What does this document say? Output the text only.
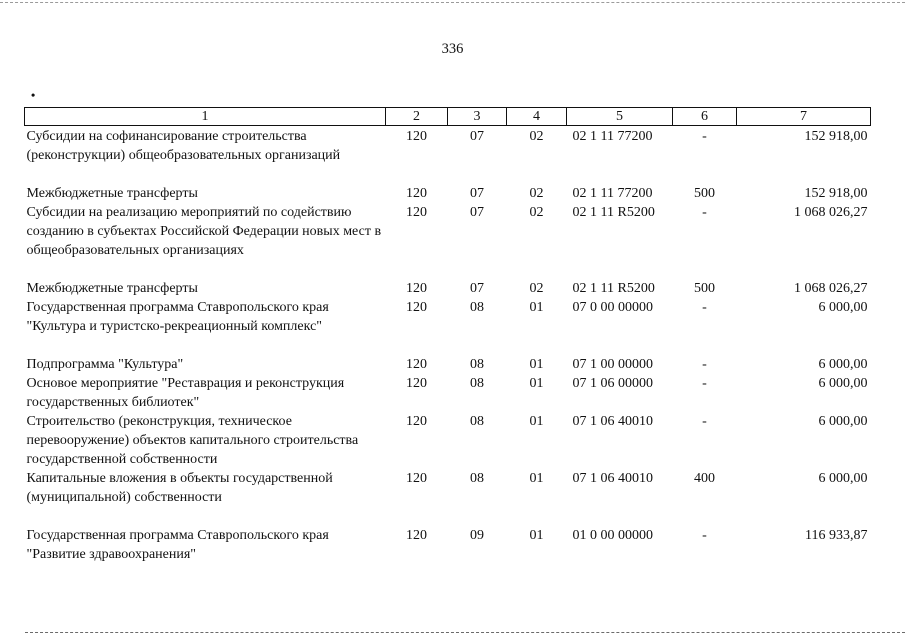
336
•
1	2	3	4	5	6	7
Субсидии на софинансирование строительства (реконструкции) общеобразовательных организаций	120	07	02	02 1 11 77200	-	152 918,00

Межбюджетные трансферты	120	07	02	02 1 11 77200	500	152 918,00
Субсидии на реализацию мероприятий по содействию созданию в субъектах Российской Федерации новых мест в общеобразовательных организациях	120	07	02	02 1 11 R5200	-	1 068 026,27

Межбюджетные трансферты	120	07	02	02 1 11 R5200	500	1 068 026,27
Государственная программа Ставропольского края "Культура и туристско-рекреационный комплекс"	120	08	01	07 0 00 00000	-	6 000,00

Подпрограмма "Культура"	120	08	01	07 1 00 00000	-	6 000,00
Основое мероприятие "Реставрация и реконструкция государственных библиотек"	120	08	01	07 1 06 00000	-	6 000,00
Строительство (реконструкция, техническое перевооружение) объектов капитального строительства государственной собственности	120	08	01	07 1 06 40010	-	6 000,00
Капитальные вложения в объекты государственной (муниципальной) собственности	120	08	01	07 1 06 40010	400	6 000,00

Государственная программа Ставропольского края "Развитие здравоохранения"	120	09	01	01 0 00 00000	-	116 933,87
